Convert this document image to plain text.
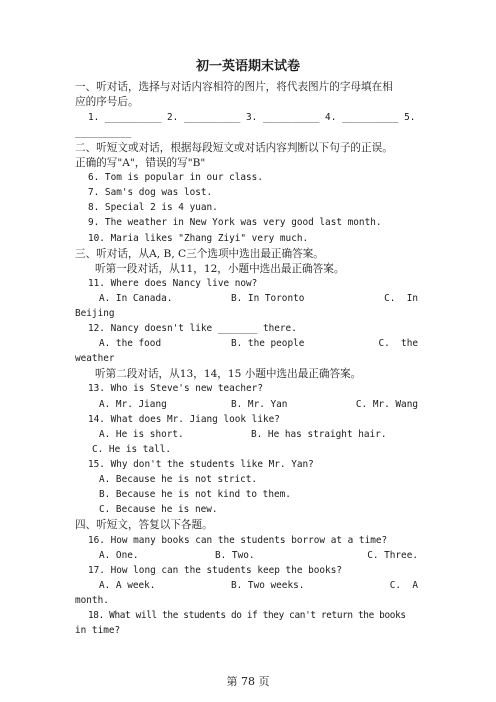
初一英语期末试卷
一、听对话，选择与对话内容相符的图片，将代表图片的字母填在相
应的序号后。
1. __________ 2. __________ 3. __________ 4. __________ 5.
__________
二、听短文或对话，根据每段短文或对话内容判断以下句子的正误。
正确的写"A"，错误的写"B"
6. Tom is popular in our class.
7. Sam's dog was lost.
8. Special 2 is 4 yuan.
9. The weather in New York was very good last month.
10. Maria likes "Zhang Ziyi" very much.
三、听对话，从A, B, C三个选项中选出最正确答案。
听第一段对话，从11，12，小题中选出最正确答案。
11. Where does Nancy live now?
A. In Canada.	B. In Toronto	C.  In
Beijing
12. Nancy doesn't like _______ there.
A. the food	B. the people	C.  the
weather
听第二段对话，从13，14，15 小题中选出最正确答案。
13. Who is Steve's new teacher?
A. Mr. Jiang	B. Mr. Yan	C. Mr. Wang
14. What does Mr. Jiang look like?
A. He is short.	B. He has straight hair.
C. He is tall.
15. Why don't the students like Mr. Yan?
A. Because he is not strict.
B. Because he is not kind to them.
C. Because he is new.
四、听短文，答复以下各题。
16. How many books can the students borrow at a time?
A. One.	B. Two.	C. Three.
17. How long can the students keep the books?
A. A week.	B. Two weeks.	C.  A
month.
18. What will the students do if they can't return the books
in time?
第 78 页
